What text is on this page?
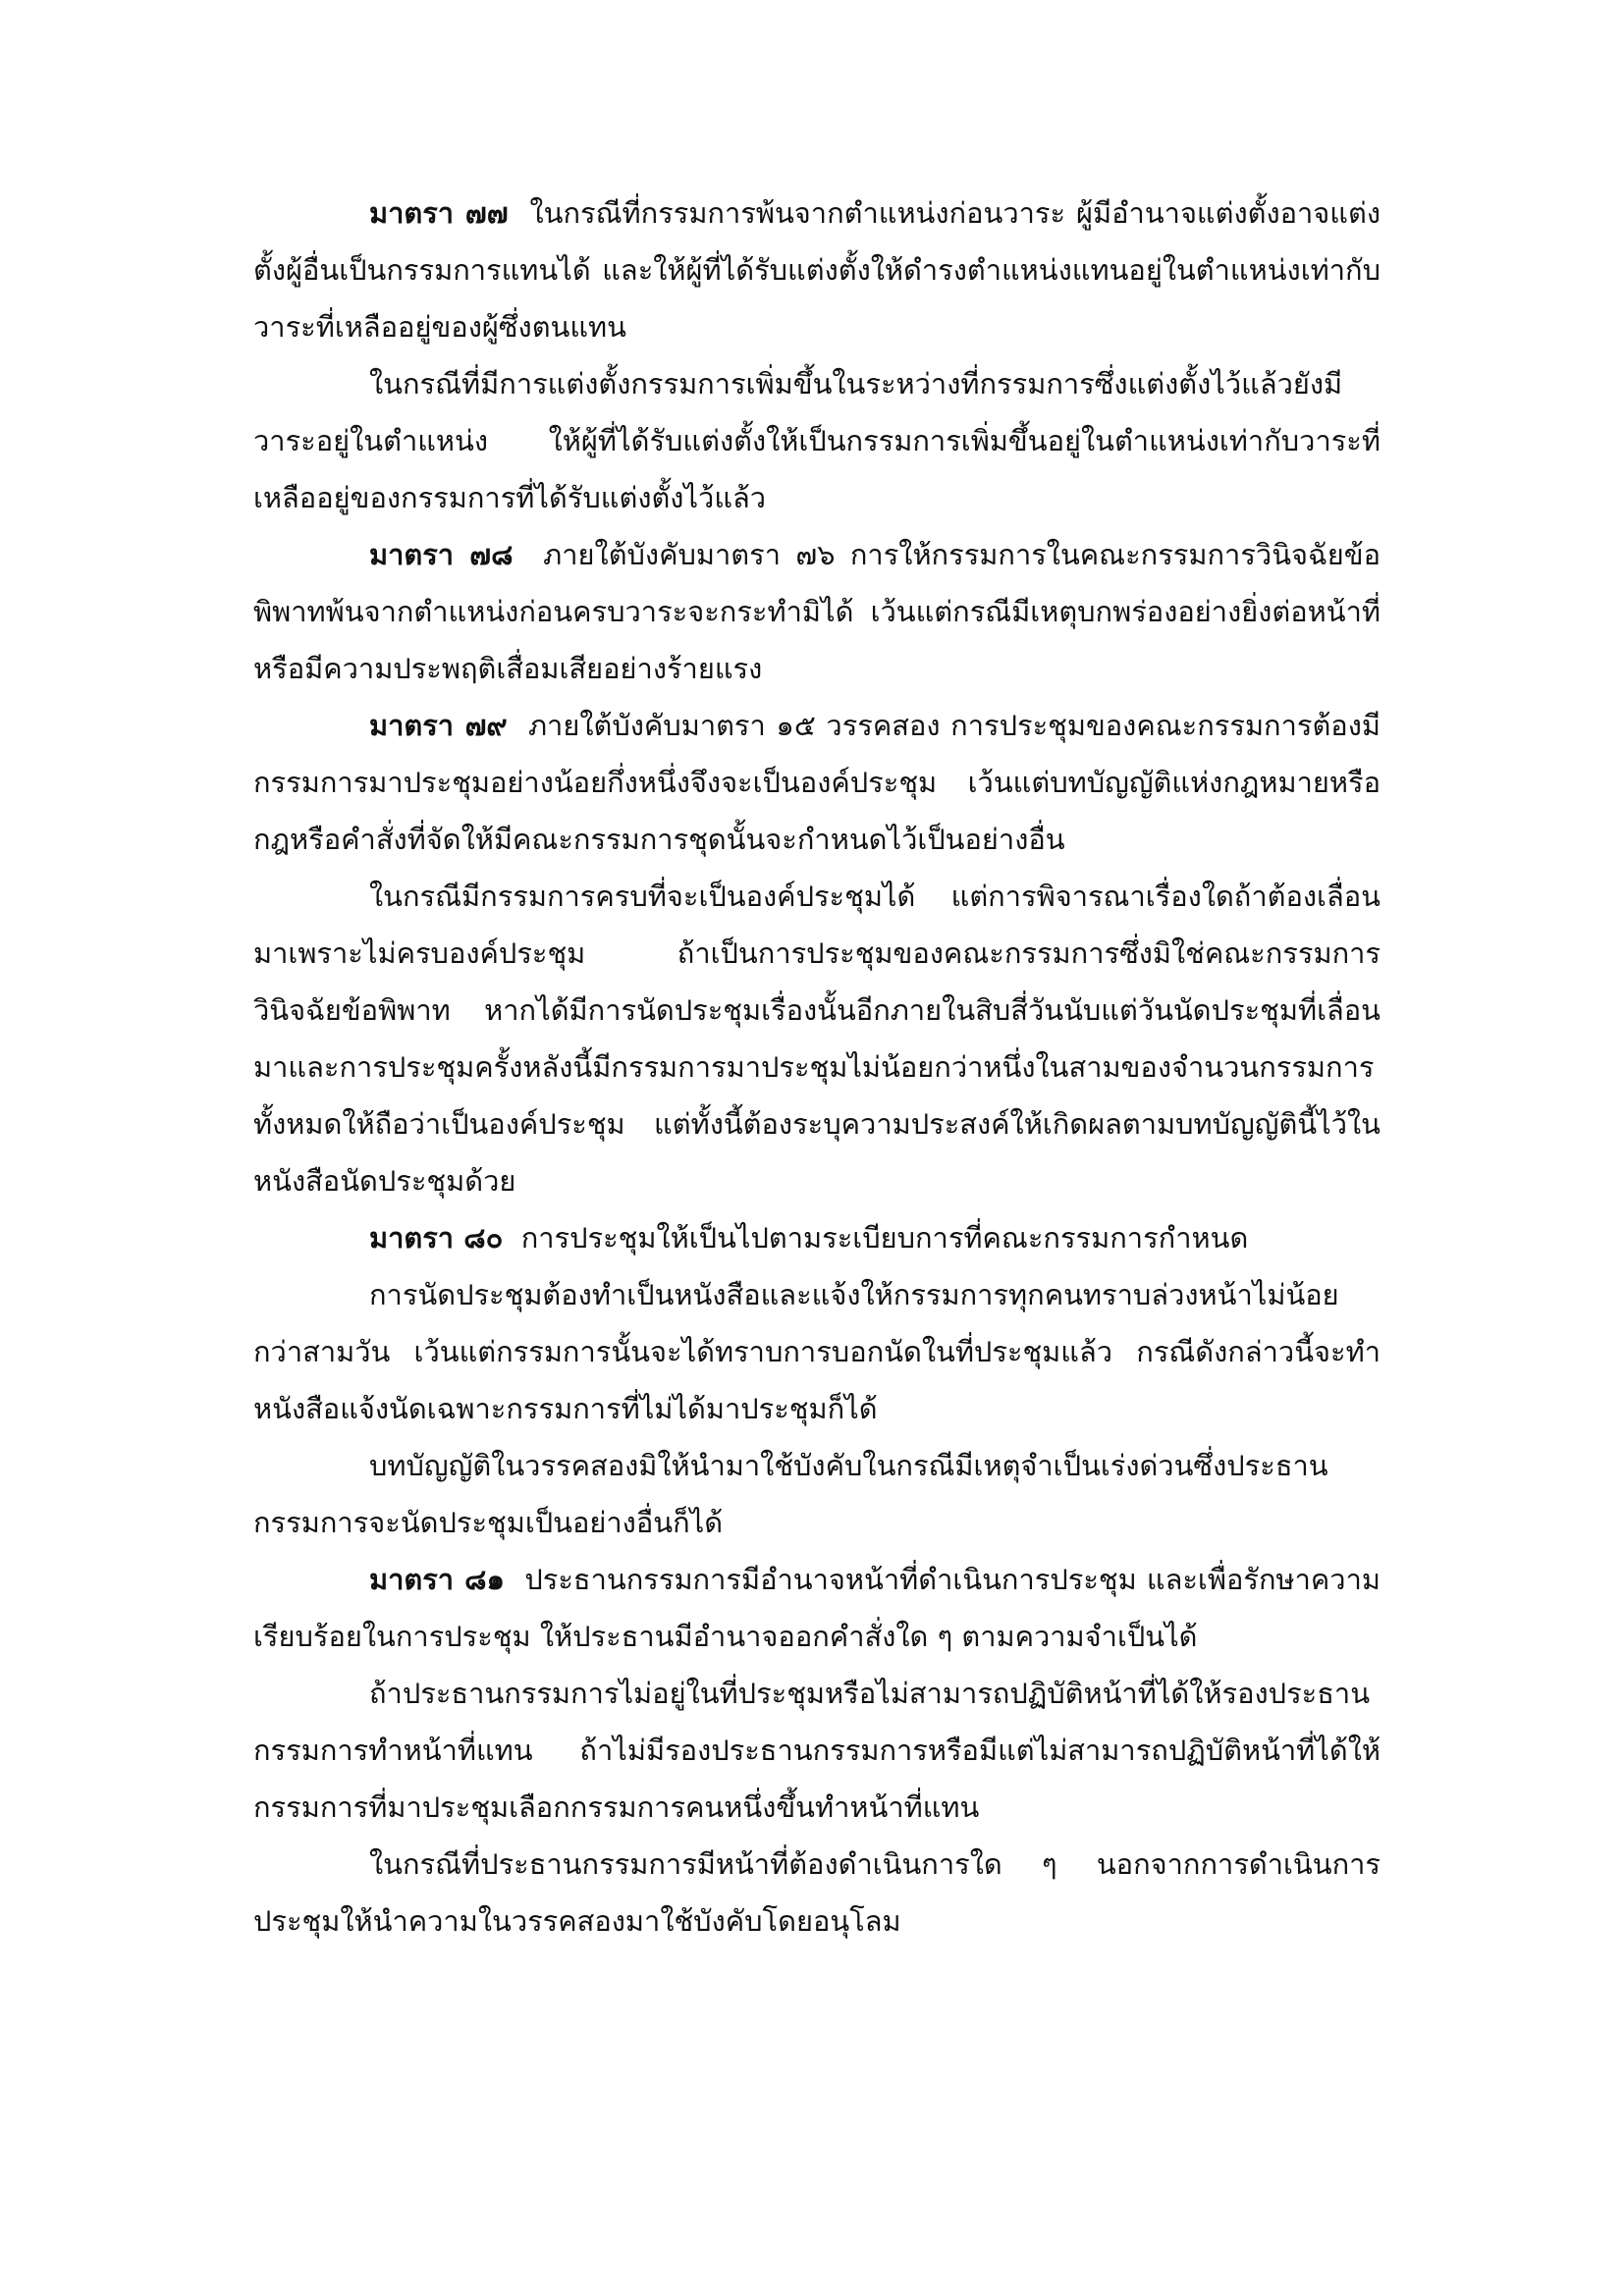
มาตรา ๗๗ ในกรณีที่กรรมการพ้นจากตำแหน่งก่อนวาระ ผู้มีอำนาจแต่งตั้งอาจแต่งตั้งผู้อื่นเป็นกรรมการแทนได้ และให้ผู้ที่ได้รับแต่งตั้งให้ดำรงตำแหน่งแทนอยู่ในตำแหน่งเท่ากับวาระที่เหลืออยู่ของผู้ซึ่งตนแทน

ในกรณีที่มีการแต่งตั้งกรรมการเพิ่มขึ้นในระหว่างที่กรรมการซึ่งแต่งตั้งไว้แล้วยังมีวาระอยู่ในตำแหน่ง ให้ผู้ที่ได้รับแต่งตั้งให้เป็นกรรมการเพิ่มขึ้นอยู่ในตำแหน่งเท่ากับวาระที่เหลืออยู่ของกรรมการที่ได้รับแต่งตั้งไว้แล้ว

มาตรา ๗๘ ภายใต้บังคับมาตรา ๗๖ การให้กรรมการในคณะกรรมการวินิจฉัยข้อพิพาทพ้นจากตำแหน่งก่อนครบวาระจะกระทำมิได้ เว้นแต่กรณีมีเหตุบกพร่องอย่างยิ่งต่อหน้าที่หรือมีความประพฤติเสื่อมเสียอย่างร้ายแรง

มาตรา ๗๙ ภายใต้บังคับมาตรา ๑๕ วรรคสอง การประชุมของคณะกรรมการต้องมีกรรมการมาประชุมอย่างน้อยกึ่งหนึ่งจึงจะเป็นองค์ประชุม เว้นแต่บทบัญญัติแห่งกฎหมายหรือกฎหรือคำสั่งที่จัดให้มีคณะกรรมการชุดนั้นจะกำหนดไว้เป็นอย่างอื่น

ในกรณีมีกรรมการครบที่จะเป็นองค์ประชุมได้ แต่การพิจารณาเรื่องใดถ้าต้องเลื่อนมาเพราะไม่ครบองค์ประชุม ถ้าเป็นการประชุมของคณะกรรมการซึ่งมิใช่คณะกรรมการวินิจฉัยข้อพิพาท หากได้มีการนัดประชุมเรื่องนั้นอีกภายในสิบสี่วันนับแต่วันนัดประชุมที่เลื่อนมาและการประชุมครั้งหลังนี้มีกรรมการมาประชุมไม่น้อยกว่าหนึ่งในสามของจำนวนกรรมการทั้งหมดให้ถือว่าเป็นองค์ประชุม แต่ทั้งนี้ต้องระบุความประสงค์ให้เกิดผลตามบทบัญญัตินี้ไว้ในหนังสือนัดประชุมด้วย

มาตรา ๘๐ การประชุมให้เป็นไปตามระเบียบการที่คณะกรรมการกำหนด

การนัดประชุมต้องทำเป็นหนังสือและแจ้งให้กรรมการทุกคนทราบล่วงหน้าไม่น้อยกว่าสามวัน เว้นแต่กรรมการนั้นจะได้ทราบการบอกนัดในที่ประชุมแล้ว กรณีดังกล่าวนี้จะทำหนังสือแจ้งนัดเฉพาะกรรมการที่ไม่ได้มาประชุมก็ได้

บทบัญญัติในวรรคสองมิให้นำมาใช้บังคับในกรณีมีเหตุจำเป็นเร่งด่วนซึ่งประธานกรรมการจะนัดประชุมเป็นอย่างอื่นก็ได้

มาตรา ๘๑ ประธานกรรมการมีอำนาจหน้าที่ดำเนินการประชุม และเพื่อรักษาความเรียบร้อยในการประชุม ให้ประธานมีอำนาจออกคำสั่งใด ๆ ตามความจำเป็นได้

ถ้าประธานกรรมการไม่อยู่ในที่ประชุมหรือไม่สามารถปฏิบัติหน้าที่ได้ให้รองประธานกรรมการทำหน้าที่แทน ถ้าไม่มีรองประธานกรรมการหรือมีแต่ไม่สามารถปฏิบัติหน้าที่ได้ให้กรรมการที่มาประชุมเลือกกรรมการคนหนึ่งขึ้นทำหน้าที่แทน

ในกรณีที่ประธานกรรมการมีหน้าที่ต้องดำเนินการใด ๆ นอกจากการดำเนินการประชุมให้นำความในวรรคสองมาใช้บังคับโดยอนุโลม
